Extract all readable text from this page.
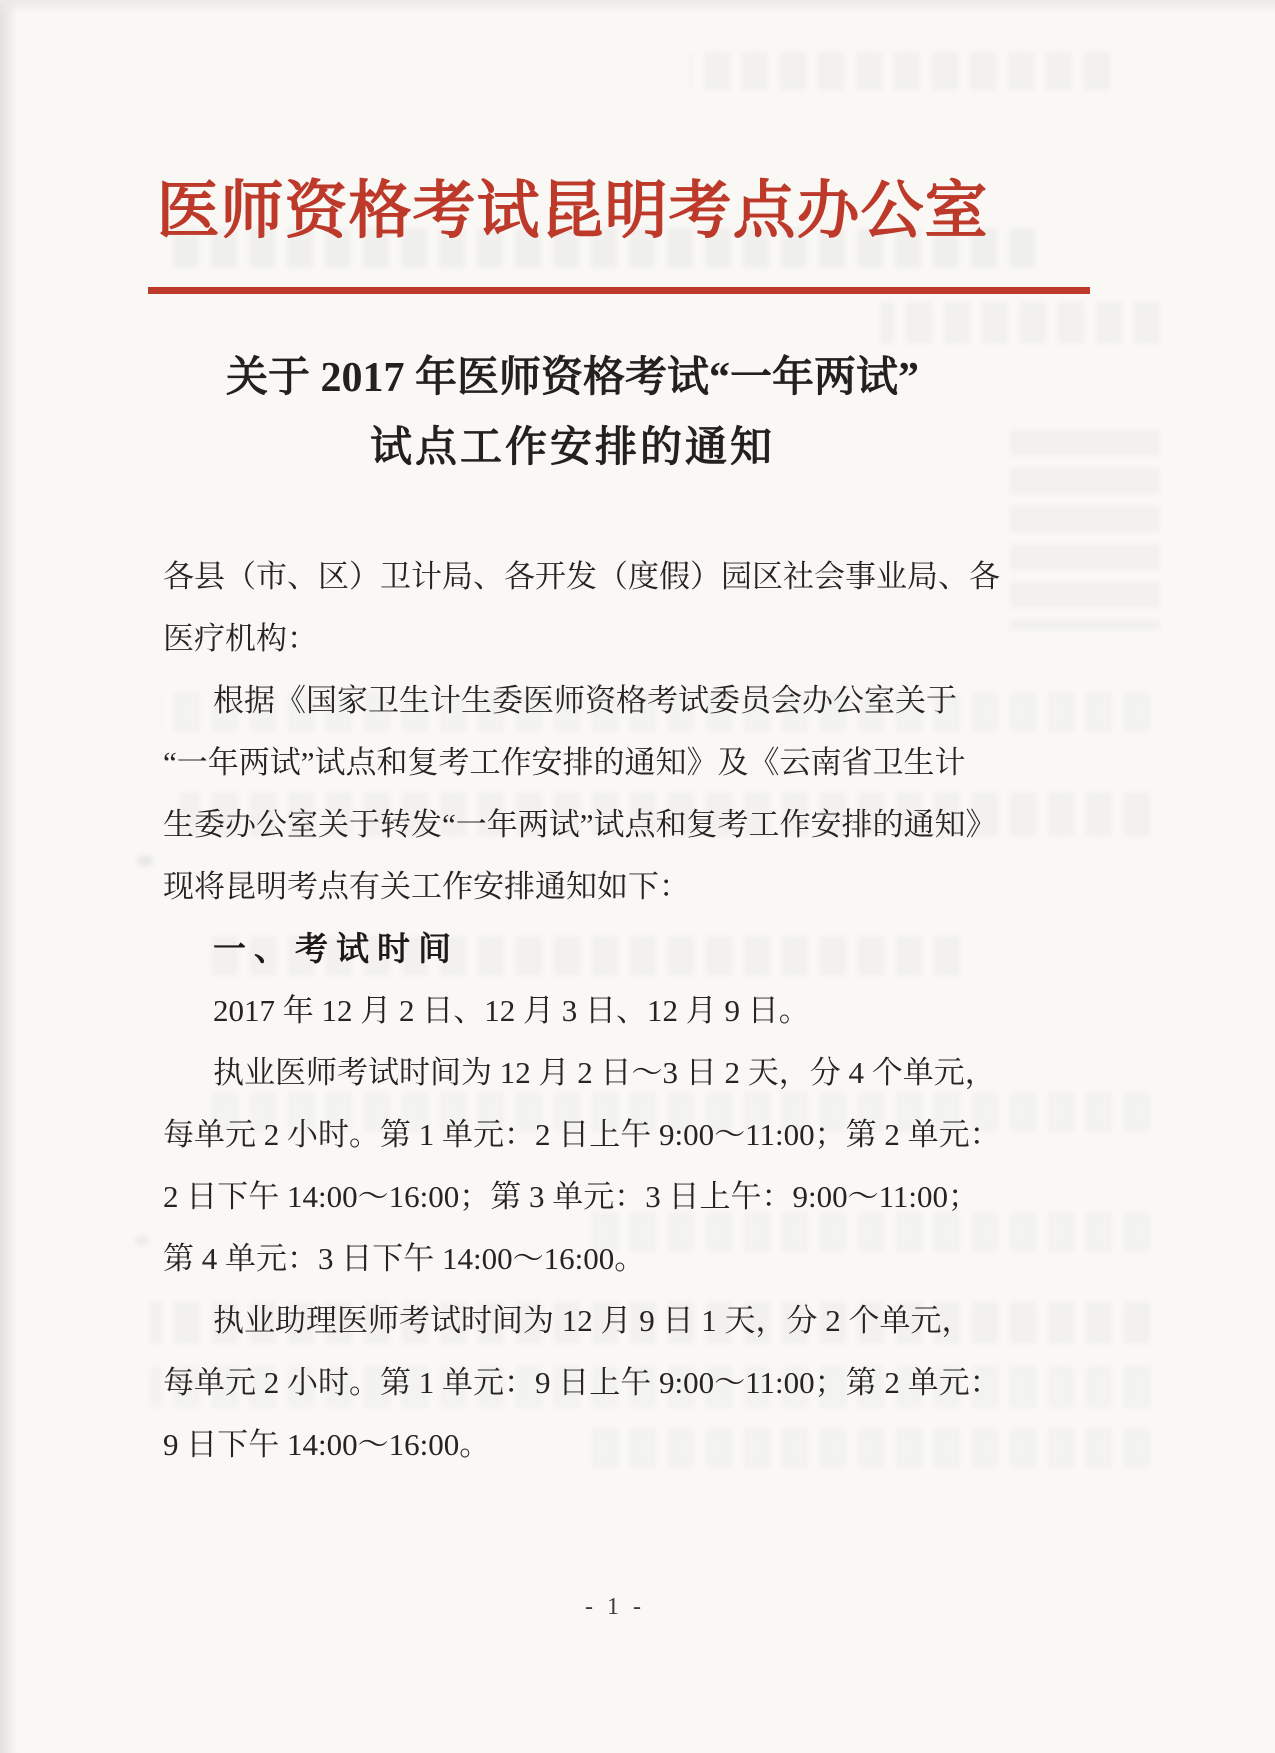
医师资格考试昆明考点办公室
关于 2017 年医师资格考试“一年两试”
试点工作安排的通知
各县（市、区）卫计局、各开发（度假）园区社会事业局、各
医疗机构：
根据《国家卫生计生委医师资格考试委员会办公室关于
“一年两试”试点和复考工作安排的通知》及《云南省卫生计
生委办公室关于转发“一年两试”试点和复考工作安排的通知》
现将昆明考点有关工作安排通知如下：
一、考试时间
2017 年 12 月 2 日、12 月 3 日、12 月 9 日。
执业医师考试时间为 12 月 2 日～3 日 2 天，分 4 个单元，
每单元 2 小时。第 1 单元：2 日上午 9:00～11:00；第 2 单元：
2 日下午 14:00～16:00；第 3 单元：3 日上午：9:00～11:00；
第 4 单元：3 日下午 14:00～16:00。
执业助理医师考试时间为 12 月 9 日 1 天，分 2 个单元，
每单元 2 小时。第 1 单元：9 日上午 9:00～11:00；第 2 单元：
9 日下午 14:00～16:00。
- 1 -
